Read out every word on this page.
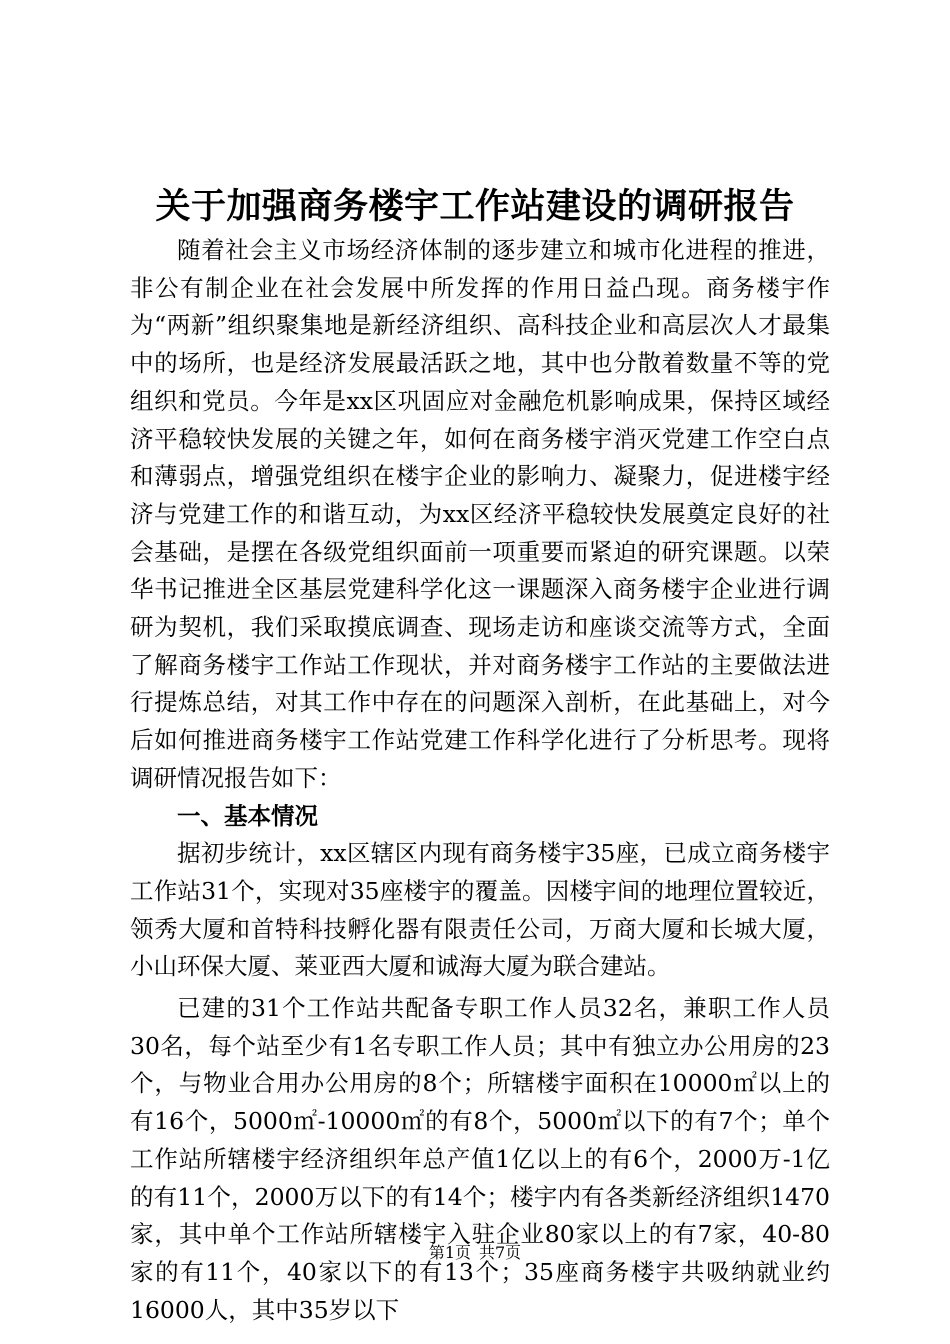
关于加强商务楼宇工作站建设的调研报告

随着社会主义市场经济体制的逐步建立和城市化进程的推进，非公有制企业在社会发展中所发挥的作用日益凸现。商务楼宇作为“两新”组织聚集地是新经济组织、高科技企业和高层次人才最集中的场所，也是经济发展最活跃之地，其中也分散着数量不等的党组织和党员。今年是xx区巩固应对金融危机影响成果，保持区域经济平稳较快发展的关键之年，如何在商务楼宇消灭党建工作空白点和薄弱点，增强党组织在楼宇企业的影响力、凝聚力，促进楼宇经济与党建工作的和谐互动，为xx区经济平稳较快发展奠定良好的社会基础，是摆在各级党组织面前一项重要而紧迫的研究课题。以荣华书记推进全区基层党建科学化这一课题深入商务楼宇企业进行调研为契机，我们采取摸底调查、现场走访和座谈交流等方式，全面了解商务楼宇工作站工作现状，并对商务楼宇工作站的主要做法进行提炼总结，对其工作中存在的问题深入剖析，在此基础上，对今后如何推进商务楼宇工作站党建工作科学化进行了分析思考。现将调研情况报告如下：

一、基本情况

据初步统计，xx区辖区内现有商务楼宇35座，已成立商务楼宇工作站31个，实现对35座楼宇的覆盖。因楼宇间的地理位置较近，领秀大厦和首特科技孵化器有限责任公司，万商大厦和长城大厦，小山环保大厦、莱亚西大厦和诚海大厦为联合建站。

已建的31个工作站共配备专职工作人员32名，兼职工作人员30名，每个站至少有1名专职工作人员；其中有独立办公用房的23个，与物业合用办公用房的8个；所辖楼宇面积在10000㎡以上的有16个，5000㎡-10000㎡的有8个，5000㎡以下的有7个；单个工作站所辖楼宇经济组织年总产值1亿以上的有6个，2000万-1亿的有11个，2000万以下的有14个；楼宇内有各类新经济组织1470家，其中单个工作站所辖楼宇入驻企业80家以上的有7家，40-80家的有11个，40家以下的有13个；35座商务楼宇共吸纳就业约16000人，其中35岁以下

第1页 共7页
